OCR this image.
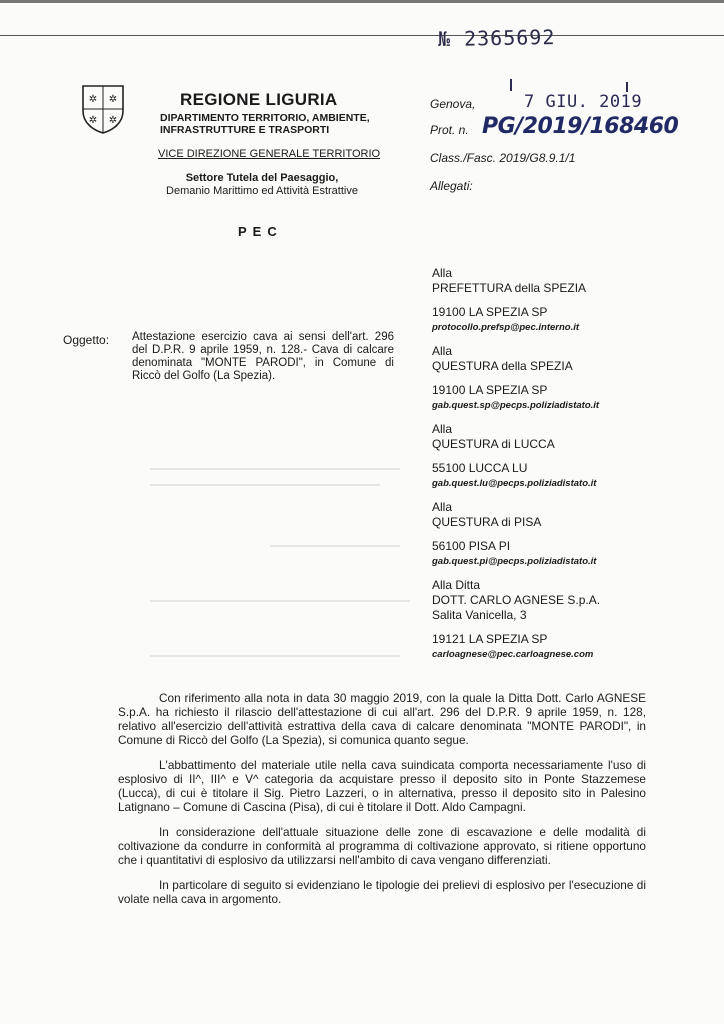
№ 2365692
✲ ✲
✲ ✲
REGIONE LIGURIA
DIPARTIMENTO TERRITORIO, AMBIENTE,
INFRASTRUTTURE E TRASPORTI
VICE DIREZIONE GENERALE TERRITORIO
Settore Tutela del Paesaggio,
Demanio Marittimo ed Attività Estrattive
PEC
Genova,	7 GIU. 2019
Prot. n. PG/2019/168460
Class./Fasc. 2019/G8.9.1/1
Allegati:
Oggetto: Attestazione esercizio cava ai sensi dell'art. 296 del D.P.R. 9 aprile 1959, n. 128.- Cava di calcare denominata "MONTE PARODI", in Comune di Riccò del Golfo (La Spezia).
Alla
PREFETTURA della SPEZIA
19100 LA SPEZIA SP
protocollo.prefsp@pec.interno.it
Alla
QUESTURA della SPEZIA
19100 LA SPEZIA SP
gab.quest.sp@pecps.poliziadistato.it
Alla
QUESTURA di LUCCA
55100 LUCCA LU
gab.quest.lu@pecps.poliziadistato.it
Alla
QUESTURA di PISA
56100 PISA PI
gab.quest.pi@pecps.poliziadistato.it
Alla Ditta
DOTT. CARLO AGNESE S.p.A.
Salita Vanicella, 3
19121 LA SPEZIA SP
carloagnese@pec.carloagnese.com

Con riferimento alla nota in data 30 maggio 2019, con la quale la Ditta Dott. Carlo AGNESE S.p.A. ha richiesto il rilascio dell'attestazione di cui all'art. 296 del D.P.R. 9 aprile 1959, n. 128, relativo all'esercizio dell'attività estrattiva della cava di calcare denominata "MONTE PARODI", in Comune di Riccò del Golfo (La Spezia), si comunica quanto segue.

L'abbattimento del materiale utile nella cava suindicata comporta necessariamente l'uso di esplosivo di II^, III^ e V^ categoria da acquistare presso il deposito sito in Ponte Stazzemese (Lucca), di cui è titolare il Sig. Pietro Lazzeri, o in alternativa, presso il deposito sito in Palesino Latignano – Comune di Cascina (Pisa), di cui è titolare il Dott. Aldo Campagni.

In considerazione dell'attuale situazione delle zone di escavazione e delle modalità di coltivazione da condurre in conformità al programma di coltivazione approvato, si ritiene opportuno che i quantitativi di esplosivo da utilizzarsi nell'ambito di cava vengano differenziati.

In particolare di seguito si evidenziano le tipologie dei prelievi di esplosivo per l'esecuzione di volate nella cava in argomento.
